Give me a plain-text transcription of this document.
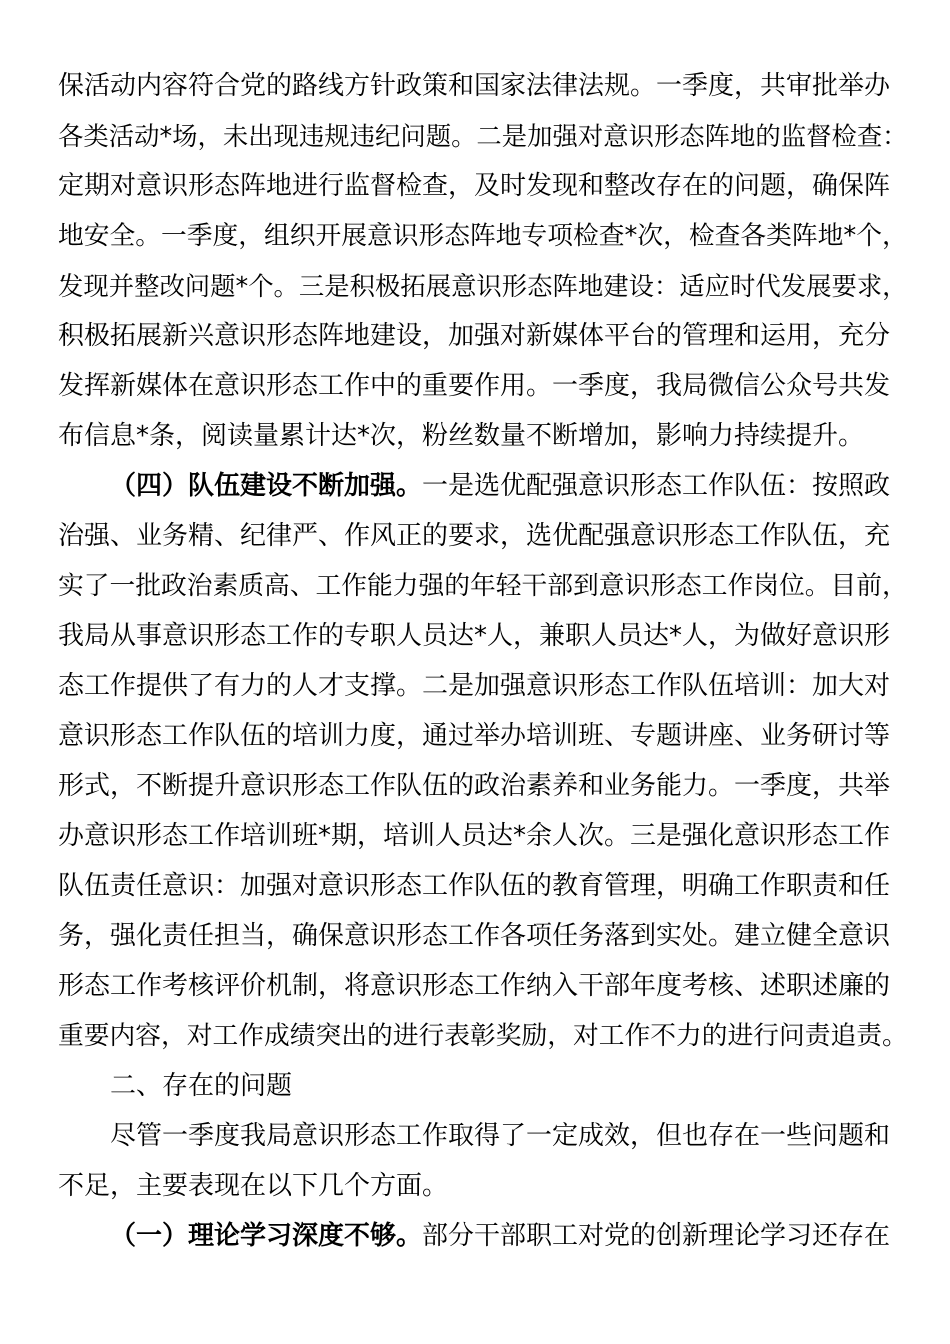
保活动内容符合党的路线方针政策和国家法律法规。一季度，共审批举办
各类活动*场，未出现违规违纪问题。二是加强对意识形态阵地的监督检查：
定期对意识形态阵地进行监督检查，及时发现和整改存在的问题，确保阵
地安全。一季度，组织开展意识形态阵地专项检查*次，检查各类阵地*个，
发现并整改问题*个。三是积极拓展意识形态阵地建设：适应时代发展要求，
积极拓展新兴意识形态阵地建设，加强对新媒体平台的管理和运用，充分
发挥新媒体在意识形态工作中的重要作用。一季度，我局微信公众号共发
布信息*条，阅读量累计达*次，粉丝数量不断增加，影响力持续提升。
（四）队伍建设不断加强。一是选优配强意识形态工作队伍：按照政
治强、业务精、纪律严、作风正的要求，选优配强意识形态工作队伍，充
实了一批政治素质高、工作能力强的年轻干部到意识形态工作岗位。目前，
我局从事意识形态工作的专职人员达*人，兼职人员达*人，为做好意识形
态工作提供了有力的人才支撑。二是加强意识形态工作队伍培训：加大对
意识形态工作队伍的培训力度，通过举办培训班、专题讲座、业务研讨等
形式，不断提升意识形态工作队伍的政治素养和业务能力。一季度，共举
办意识形态工作培训班*期，培训人员达*余人次。三是强化意识形态工作
队伍责任意识：加强对意识形态工作队伍的教育管理，明确工作职责和任
务，强化责任担当，确保意识形态工作各项任务落到实处。建立健全意识
形态工作考核评价机制，将意识形态工作纳入干部年度考核、述职述廉的
重要内容，对工作成绩突出的进行表彰奖励，对工作不力的进行问责追责。
二、存在的问题
尽管一季度我局意识形态工作取得了一定成效，但也存在一些问题和
不足，主要表现在以下几个方面。
（一）理论学习深度不够。部分干部职工对党的创新理论学习还存在
